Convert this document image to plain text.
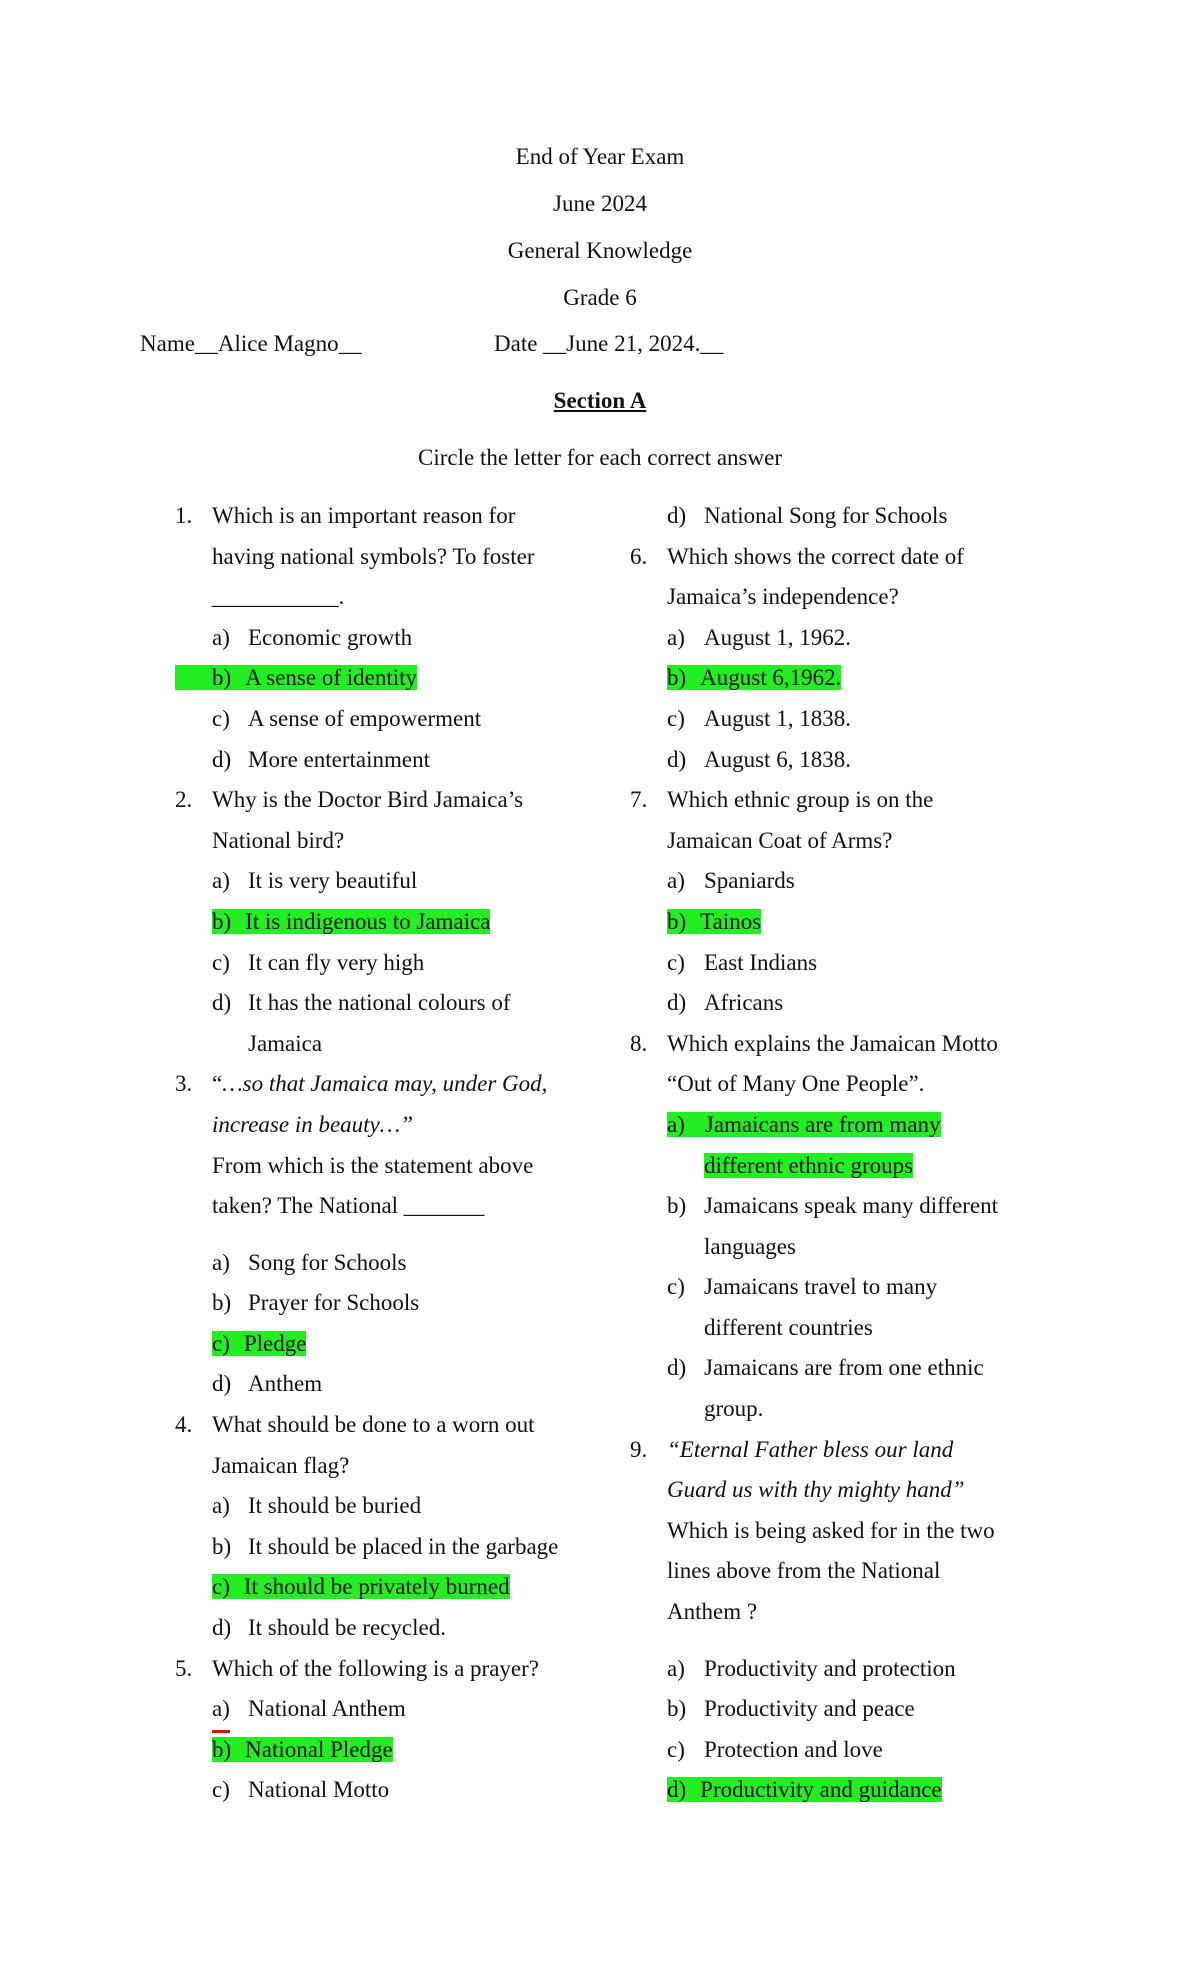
End of Year Exam
June 2024
General Knowledge
Grade 6
Name__Alice Magno__	Date __June 21, 2024.__
Section A
Circle the letter for each correct answer
1. Which is an important reason for
having national symbols? To foster
___________.
a) Economic growth
b) A sense of identity
c) A sense of empowerment
d) More entertainment
2. Why is the Doctor Bird Jamaica’s
National bird?
a) It is very beautiful
b) It is indigenous to Jamaica
c) It can fly very high
d) It has the national colours of
Jamaica
3. “…so that Jamaica may, under God,
increase in beauty…”
From which is the statement above
taken? The National _______
a) Song for Schools
b) Prayer for Schools
c) Pledge
d) Anthem
4. What should be done to a worn out
Jamaican flag?
a) It should be buried
b) It should be placed in the garbage
c) It should be privately burned
d) It should be recycled.
5. Which of the following is a prayer?
a) National Anthem
b) National Pledge
c) National Motto
d) National Song for Schools
6. Which shows the correct date of
Jamaica’s independence?
a) August 1, 1962.
b) August 6,1962.
c) August 1, 1838.
d) August 6, 1838.
7. Which ethnic group is on the
Jamaican Coat of Arms?
a) Spaniards
b) Tainos
c) East Indians
d) Africans
8. Which explains the Jamaican Motto
“Out of Many One People”.
a) Jamaicans are from many
different ethnic groups
b) Jamaicans speak many different
languages
c) Jamaicans travel to many
different countries
d) Jamaicans are from one ethnic
group.
9. “Eternal Father bless our land
Guard us with thy mighty hand”
Which is being asked for in the two
lines above from the National
Anthem ?
a) Productivity and protection
b) Productivity and peace
c) Protection and love
d) Productivity and guidance
